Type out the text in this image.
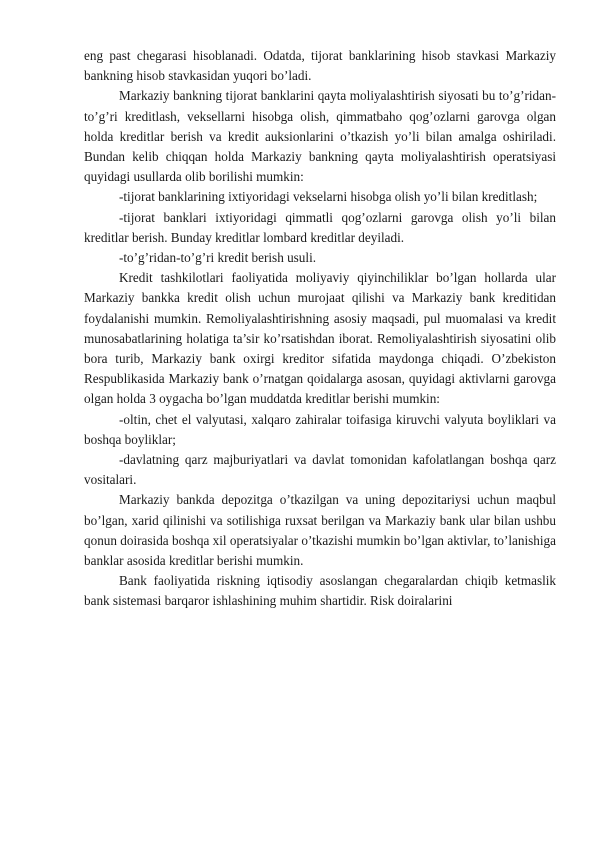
eng past chegarasi hisoblanadi. Odatda, tijorat banklarining hisob stavkasi Markaziy bankning hisob stavkasidan yuqori bo’ladi.

Markaziy bankning tijorat banklarini qayta moliyalashtirish siyosati bu to’g’ridan-to’g’ri kreditlash, veksellarni hisobga olish, qimmatbaho qog’ozlarni garovga olgan holda kreditlar berish va kredit auksionlarini o’tkazish yo’li bilan amalga oshiriladi. Bundan kelib chiqqan holda Markaziy bankning qayta moliyalashtirish operatsiyasi quyidagi usullarda olib borilishi mumkin:

-tijorat banklarining ixtiyoridagi vekselarni hisobga olish yo’li bilan kreditlash;

-tijorat banklari ixtiyoridagi qimmatli qog’ozlarni garovga olish yo’li bilan kreditlar berish. Bunday kreditlar lombard kreditlar deyiladi.

-to’g’ridan-to’g’ri kredit berish usuli.

Kredit tashkilotlari faoliyatida moliyaviy qiyinchiliklar bo’lgan hollarda ular Markaziy bankka kredit olish uchun murojaat qilishi va Markaziy bank kreditidan foydalanishi mumkin. Remoliyalashtirishning asosiy maqsadi, pul muomalasi va kredit munosabatlarining holatiga ta’sir ko’rsatishdan iborat. Remoliyalashtirish siyosatini olib bora turib, Markaziy bank oxirgi kreditor sifatida maydonga chiqadi. O’zbekiston Respublikasida Markaziy bank o’rnatgan qoidalarga asosan, quyidagi aktivlarni garovga olgan holda 3 oygacha bo’lgan muddatda kreditlar berishi mumkin:

-oltin, chet el valyutasi, xalqaro zahiralar toifasiga kiruvchi valyuta boyliklari va boshqa boyliklar;

-davlatning qarz majburiyatlari va davlat tomonidan kafolatlangan boshqa qarz vositalari.

Markaziy bankda depozitga o’tkazilgan va uning depozitariysi uchun maqbul bo’lgan, xarid qilinishi va sotilishiga ruxsat berilgan va Markaziy bank ular bilan ushbu qonun doirasida boshqa xil operatsiyalar o’tkazishi mumkin bo’lgan aktivlar, to’lanishiga banklar asosida kreditlar berishi mumkin.

Bank faoliyatida riskning iqtisodiy asoslangan chegaralardan chiqib ketmaslik bank sistemasi barqaror ishlashining muhim shartidir. Risk doiralarini
